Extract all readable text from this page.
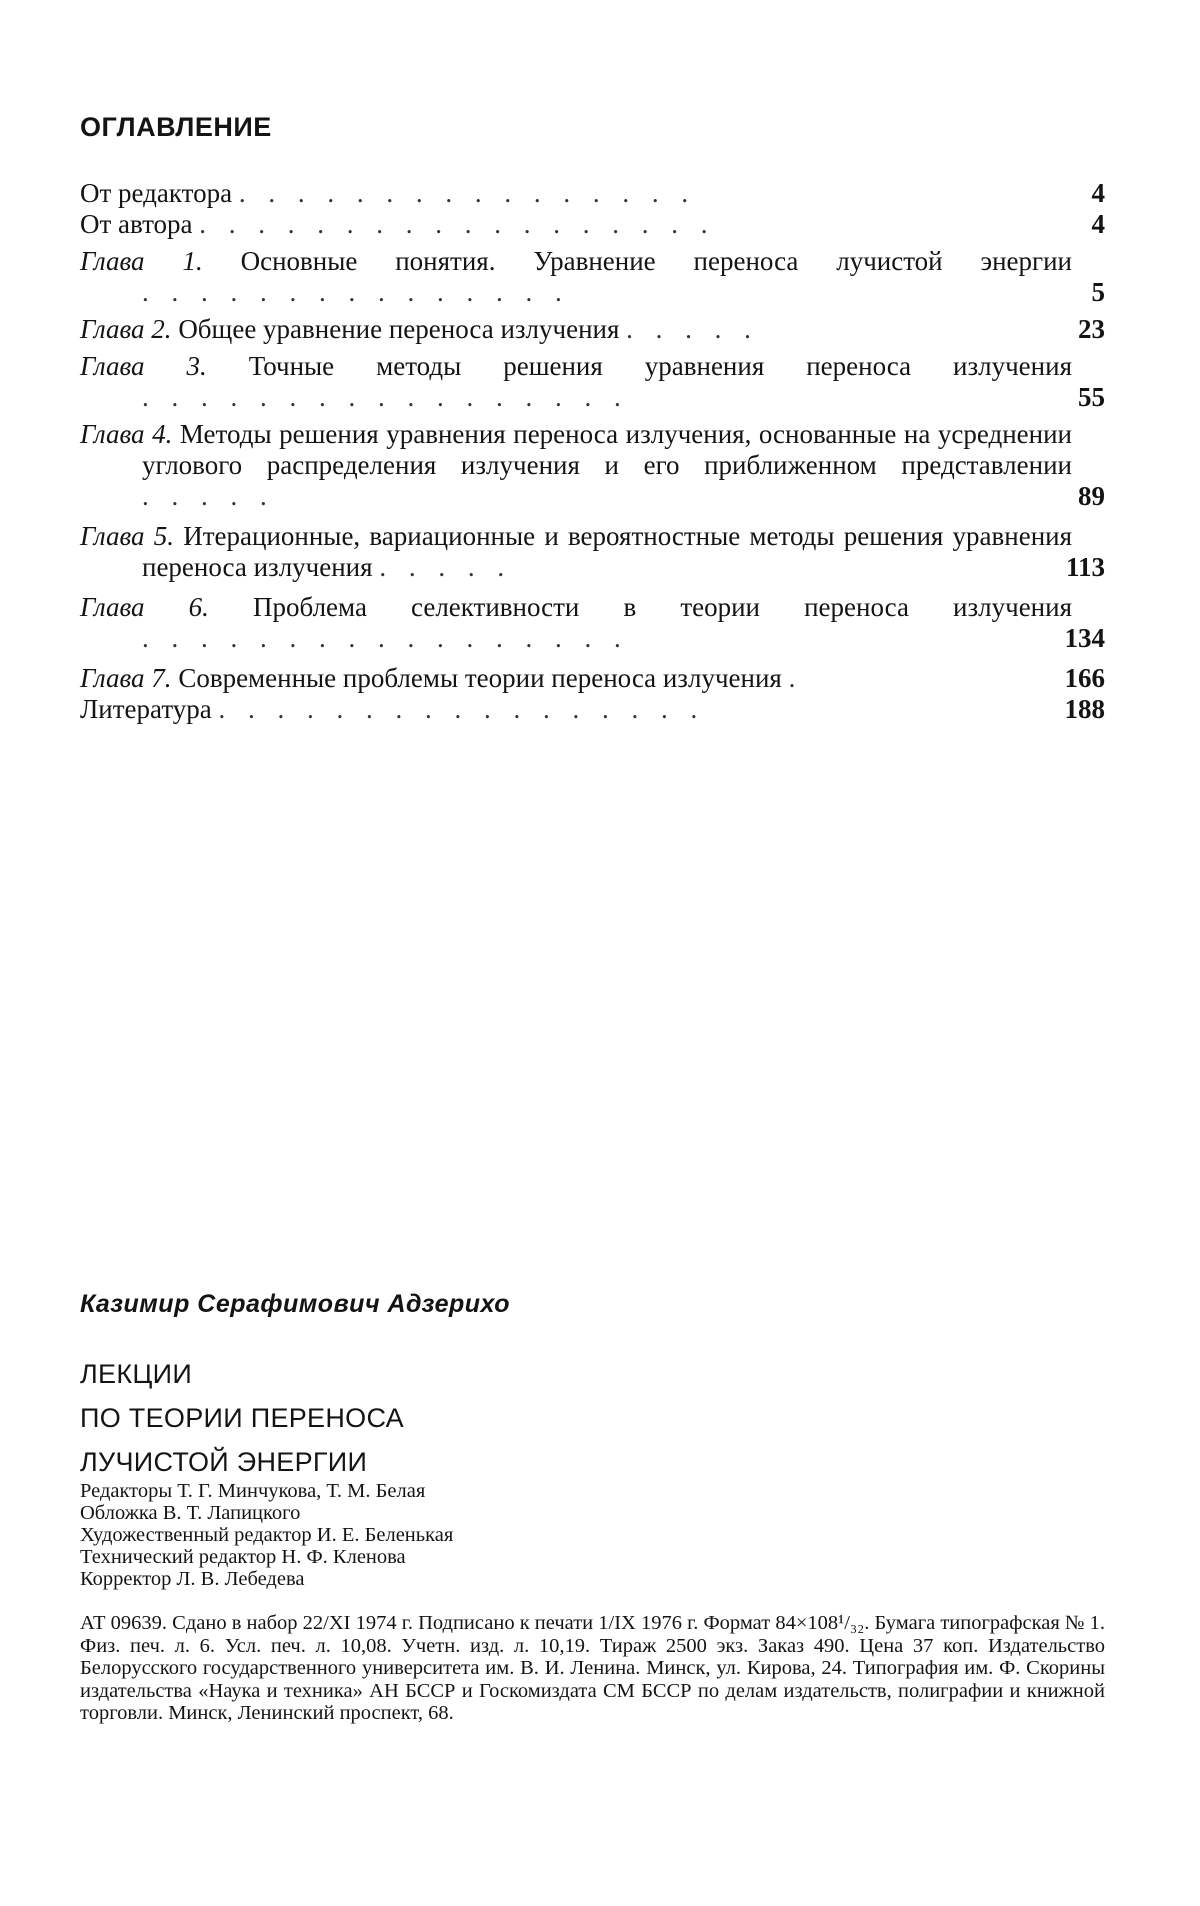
ОГЛАВЛЕНИЕ
От редактора . . . . . . . . . . . . . . . .	4
От автора . . . . . . . . . . . . . . . . . .	4
Глава 1. Основные понятия. Уравнение переноса лучистой энергии . . . . . . . . . . . . . . .	5
Глава 2. Общее уравнение переноса излучения . . . . .	23
Глава 3. Точные методы решения уравнения переноса излучения . . . . . . . . . . . . . . . . .	55
Глава 4. Методы решения уравнения переноса излучения, основанные на усреднении углового распределения излучения и его приближенном представлении . . . . .	89
Глава 5. Итерационные, вариационные и вероятностные методы решения уравнения переноса излучения . . . . .	113
Глава 6. Проблема селективности в теории переноса излучения . . . . . . . . . . . . . . . . .	134
Глава 7. Современные проблемы теории переноса излучения .	166
Литература . . . . . . . . . . . . . . . . .	188
Казимир Серафимович Адзерихо
ЛЕКЦИИ
ПО ТЕОРИИ ПЕРЕНОСА
ЛУЧИСТОЙ ЭНЕРГИИ
Редакторы Т. Г. Минчукова, Т. М. Белая
Обложка В. Т. Лапицкого
Художественный редактор И. Е. Беленькая
Технический редактор Н. Ф. Кленова
Корректор Л. В. Лебедева
АТ 09639. Сдано в набор 22/XI 1974 г. Подписано к печати 1/IX 1976 г. Формат 84×108¹/₃₂. Бумага типографская № 1. Физ. печ. л. 6. Усл. печ. л. 10,08. Учетн. изд. л. 10,19. Тираж 2500 экз. Заказ 490. Цена 37 коп. Издательство Белорусского государственного университета им. В. И. Ленина. Минск, ул. Кирова, 24. Типография им. Ф. Скорины издательства «Наука и техника» АН БССР и Госкомиздата СМ БССР по делам издательств, полиграфии и книжной торговли. Минск, Ленинский проспект, 68.
